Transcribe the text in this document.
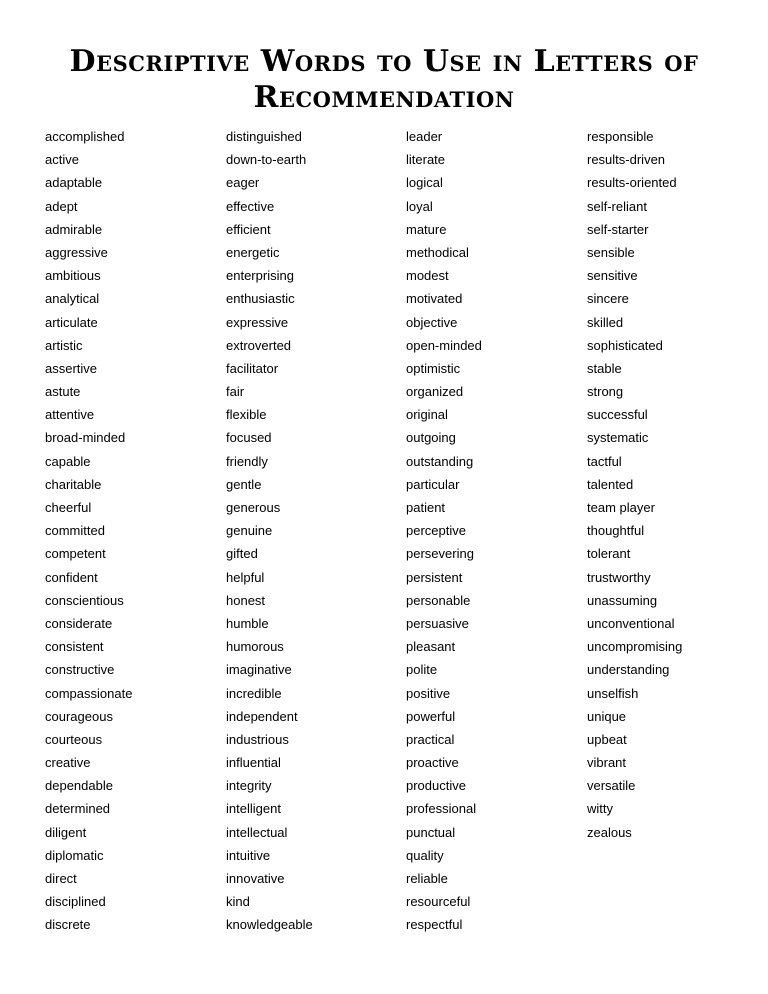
Descriptive Words to Use in Letters of
Recommendation
accomplished
active
adaptable
adept
admirable
aggressive
ambitious
analytical
articulate
artistic
assertive
astute
attentive
broad-minded
capable
charitable
cheerful
committed
competent
confident
conscientious
considerate
consistent
constructive
compassionate
courageous
courteous
creative
dependable
determined
diligent
diplomatic
direct
disciplined
discrete
distinguished
down-to-earth
eager
effective
efficient
energetic
enterprising
enthusiastic
expressive
extroverted
facilitator
fair
flexible
focused
friendly
gentle
generous
genuine
gifted
helpful
honest
humble
humorous
imaginative
incredible
independent
industrious
influential
integrity
intelligent
intellectual
intuitive
innovative
kind
knowledgeable
leader
literate
logical
loyal
mature
methodical
modest
motivated
objective
open-minded
optimistic
organized
original
outgoing
outstanding
particular
patient
perceptive
persevering
persistent
personable
persuasive
pleasant
polite
positive
powerful
practical
proactive
productive
professional
punctual
quality
reliable
resourceful
respectful
responsible
results-driven
results-oriented
self-reliant
self-starter
sensible
sensitive
sincere
skilled
sophisticated
stable
strong
successful
systematic
tactful
talented
team player
thoughtful
tolerant
trustworthy
unassuming
unconventional
uncompromising
understanding
unselfish
unique
upbeat
vibrant
versatile
witty
zealous
